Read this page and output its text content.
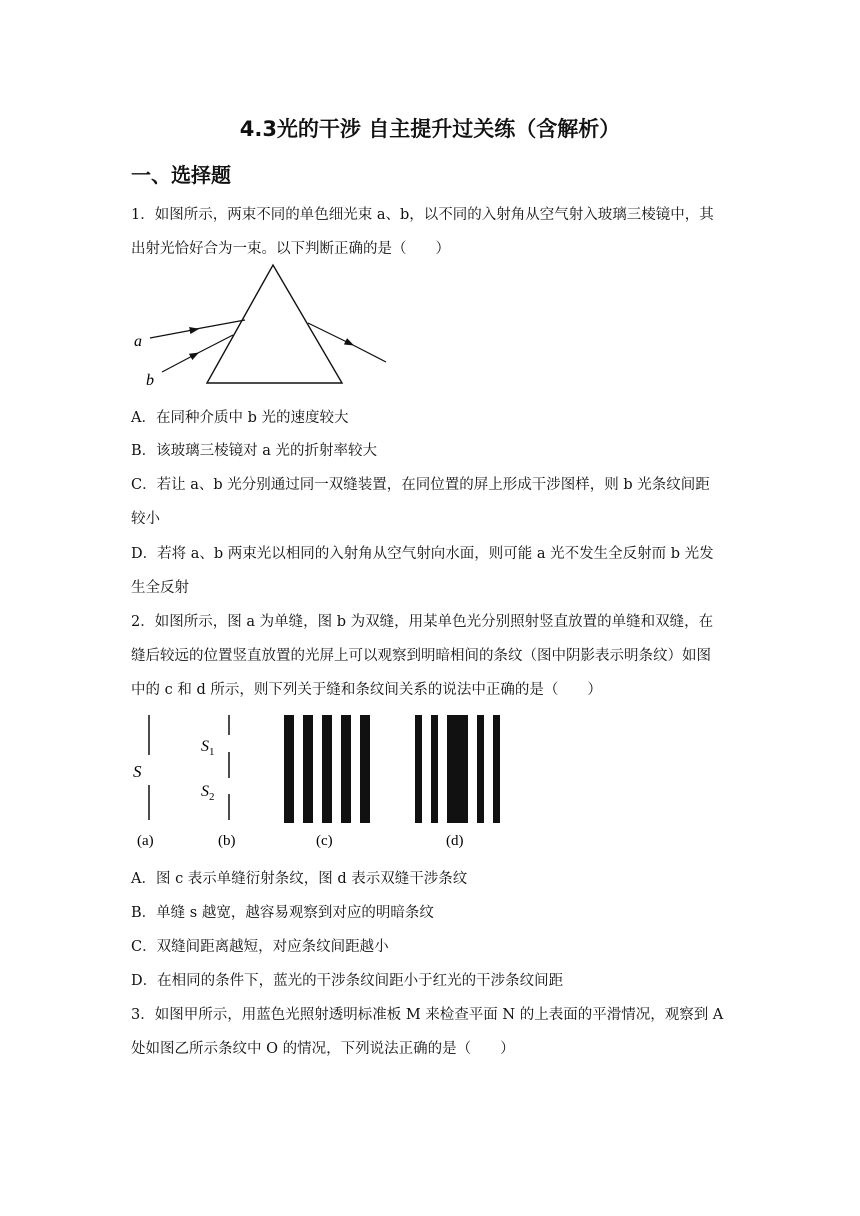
4.3光的干涉 自主提升过关练（含解析）
一、选择题
1．如图所示，两束不同的单色细光束 a、b，以不同的入射角从空气射入玻璃三棱镜中，其
出射光恰好合为一束。以下判断正确的是（　　）
a
b
A．在同种介质中 b 光的速度较大
B．该玻璃三棱镜对 a 光的折射率较大
C．若让 a、b 光分别通过同一双缝装置，在同位置的屏上形成干涉图样，则 b 光条纹间距
较小
D．若将 a、b 两束光以相同的入射角从空气射向水面，则可能 a 光不发生全反射而 b 光发
生全反射
2．如图所示，图 a 为单缝，图 b 为双缝，用某单色光分别照射竖直放置的单缝和双缝，在
缝后较远的位置竖直放置的光屏上可以观察到明暗相间的条纹（图中阴影表示明条纹）如图
中的 c 和 d 所示，则下列关于缝和条纹间关系的说法中正确的是（　　）
S
$S_1$
$S_2$
(a)	(b)	(c)	(d)
A．图 c 表示单缝衍射条纹，图 d 表示双缝干涉条纹
B．单缝 s 越宽，越容易观察到对应的明暗条纹
C．双缝间距离越短，对应条纹间距越小
D．在相同的条件下，蓝光的干涉条纹间距小于红光的干涉条纹间距
3．如图甲所示，用蓝色光照射透明标准板 M 来检查平面 N 的上表面的平滑情况，观察到 A
处如图乙所示条纹中 O 的情况，下列说法正确的是（　　）
